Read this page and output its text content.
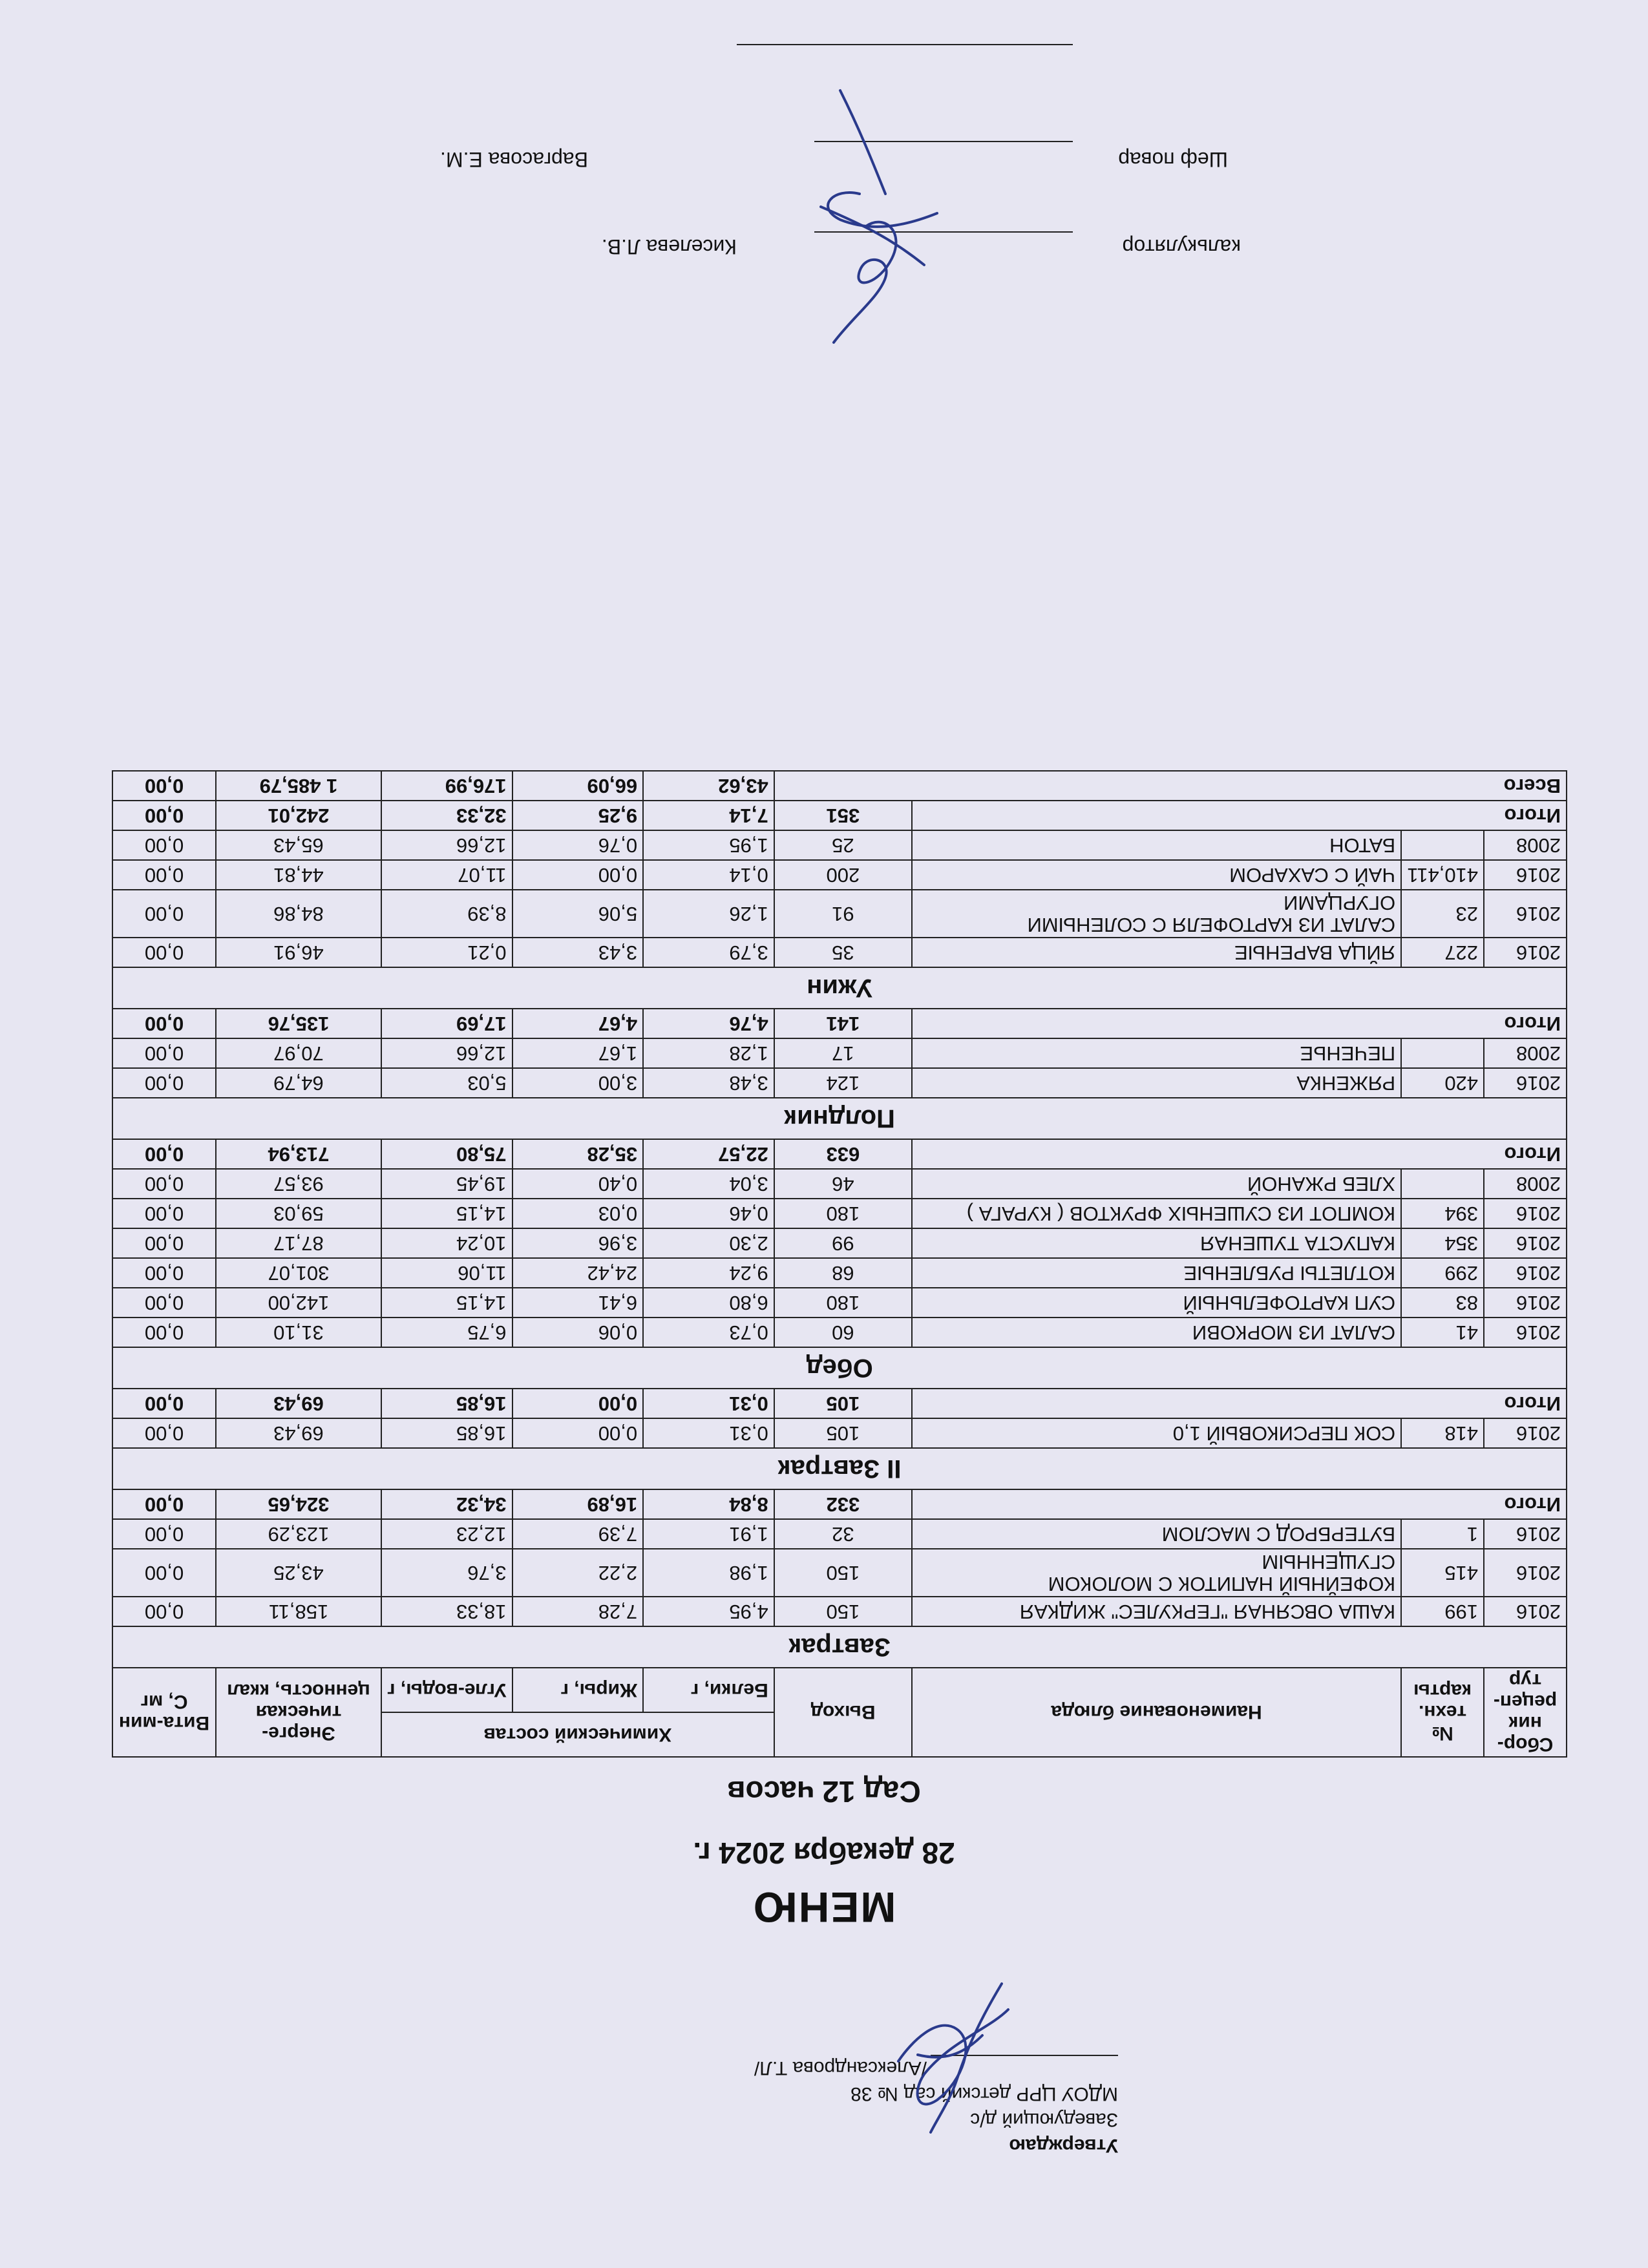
Утверждаю
Заведующий д/с
МДОУ ЦРР детский сад № 38
/Александрова Т.Л/
МЕНЮ
28 декабря 2024 г.
Сад 12 часов
Сбор-ник рецеп-тур	№ техн. карты	Наименование блюда	Выход	Химический состав			Энерге-тическая ценность, ккал	Вита-мин С, мг
				Белки, г	Жиры, г	Угле-воды, г		
Завтрак								
2016	199	КАША ОВСЯНАЯ "ГЕРКУЛЕС" ЖИДКАЯ	150	4,95	7,28	18,33	158,11	0,00
2016	415	КОФЕЙНЫЙ НАПИТОК С МОЛОКОМ СГУЩЕННЫМ	150	1,98	2,22	3,76	43,25	0,00
2016	1	БУТЕРБРОД С МАСЛОМ	32	1,91	7,39	12,23	123,29	0,00
Итого			332	8,84	16,89	34,32	324,65	0,00
II Завтрак								
2016	418	СОК ПЕРСИКОВЫЙ 1,0	105	0,31	0,00	16,85	69,43	0,00
Итого			105	0,31	0,00	16,85	69,43	0,00
Обед								
2016	41	САЛАТ ИЗ МОРКОВИ	60	0,73	0,06	6,75	31,10	0,00
2016	83	СУП КАРТОФЕЛЬНЫЙ	180	6,80	6,41	14,15	142,00	0,00
2016	299	КОТЛЕТЫ РУБЛЕНЫЕ	68	9,24	24,42	11,06	301,07	0,00
2016	354	КАПУСТА ТУШЕНАЯ	99	2,30	3,96	10,24	87,17	0,00
2016	394	КОМПОТ ИЗ СУШЕНЫХ ФРУКТОВ ( КУРАГА )	180	0,46	0,03	14,15	59,03	0,00
2008		ХЛЕБ РЖАНОЙ	46	3,04	0,40	19,45	93,57	0,00
Итого			633	22,57	35,28	75,80	713,94	0,00
Полдник								
2016	420	РЯЖЕНКА	124	3,48	3,00	5,03	64,79	0,00
2008		ПЕЧЕНЬЕ	17	1,28	1,67	12,66	70,97	0,00
Итого			141	4,76	4,67	17,69	135,76	0,00
Ужин								
2016	227	ЯЙЦА ВАРЕНЫЕ	35	3,79	3,43	0,21	46,91	0,00
2016	23	САЛАТ ИЗ КАРТОФЕЛЯ С СОЛЕНЫМИ ОГУРЦАМИ	91	1,26	5,06	8,39	84,86	0,00
2016	410,411	ЧАЙ С САХАРОМ	200	0,14	0,00	11,07	44,81	0,00
2008		БАТОН	25	1,95	0,76	12,66	65,43	0,00
Итого			351	7,14	9,25	32,33	242,01	0,00
Всего				43,62	66,09	176,99	1 485,79	0,00
калькулятор
Киселева Л.В.
Шеф повар
Варгасова Е.М.
